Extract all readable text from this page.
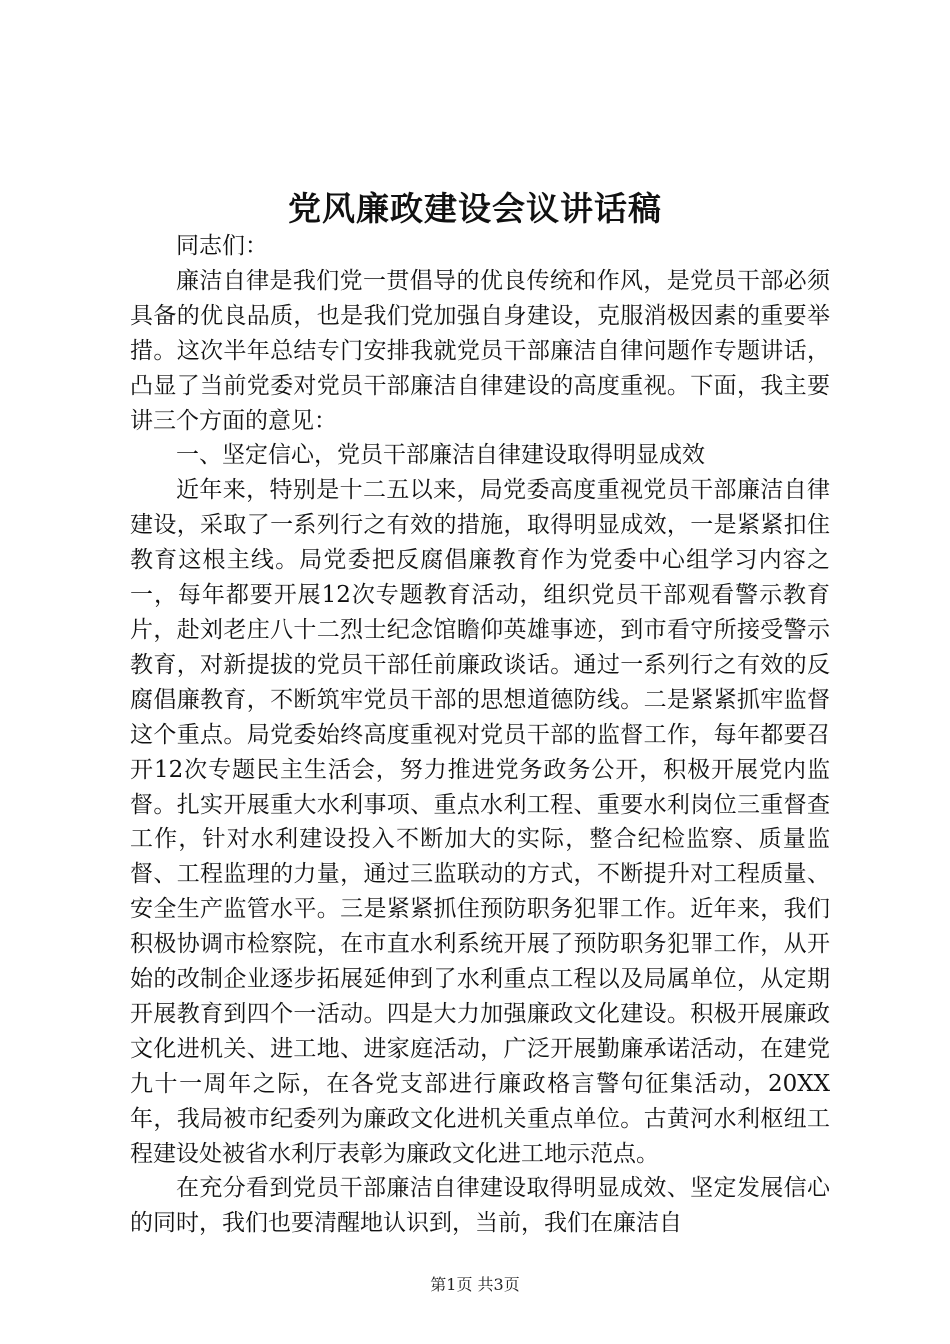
党风廉政建设会议讲话稿

同志们：

廉洁自律是我们党一贯倡导的优良传统和作风，是党员干部必须具备的优良品质，也是我们党加强自身建设，克服消极因素的重要举措。这次半年总结专门安排我就党员干部廉洁自律问题作专题讲话，凸显了当前党委对党员干部廉洁自律建设的高度重视。下面，我主要讲三个方面的意见：

一、坚定信心，党员干部廉洁自律建设取得明显成效

近年来，特别是十二五以来，局党委高度重视党员干部廉洁自律建设，采取了一系列行之有效的措施，取得明显成效，一是紧紧扣住教育这根主线。局党委把反腐倡廉教育作为党委中心组学习内容之一，每年都要开展12次专题教育活动，组织党员干部观看警示教育片，赴刘老庄八十二烈士纪念馆瞻仰英雄事迹，到市看守所接受警示教育，对新提拔的党员干部任前廉政谈话。通过一系列行之有效的反腐倡廉教育，不断筑牢党员干部的思想道德防线。二是紧紧抓牢监督这个重点。局党委始终高度重视对党员干部的监督工作，每年都要召开12次专题民主生活会，努力推进党务政务公开，积极开展党内监督。扎实开展重大水利事项、重点水利工程、重要水利岗位三重督查工作，针对水利建设投入不断加大的实际，整合纪检监察、质量监督、工程监理的力量，通过三监联动的方式，不断提升对工程质量、安全生产监管水平。三是紧紧抓住预防职务犯罪工作。近年来，我们积极协调市检察院，在市直水利系统开展了预防职务犯罪工作，从开始的改制企业逐步拓展延伸到了水利重点工程以及局属单位，从定期开展教育到四个一活动。四是大力加强廉政文化建设。积极开展廉政文化进机关、进工地、进家庭活动，广泛开展勤廉承诺活动，在建党九十一周年之际，在各党支部进行廉政格言警句征集活动，20XX年，我局被市纪委列为廉政文化进机关重点单位。古黄河水利枢纽工程建设处被省水利厅表彰为廉政文化进工地示范点。

在充分看到党员干部廉洁自律建设取得明显成效、坚定发展信心的同时，我们也要清醒地认识到，当前，我们在廉洁自

第1页 共3页
